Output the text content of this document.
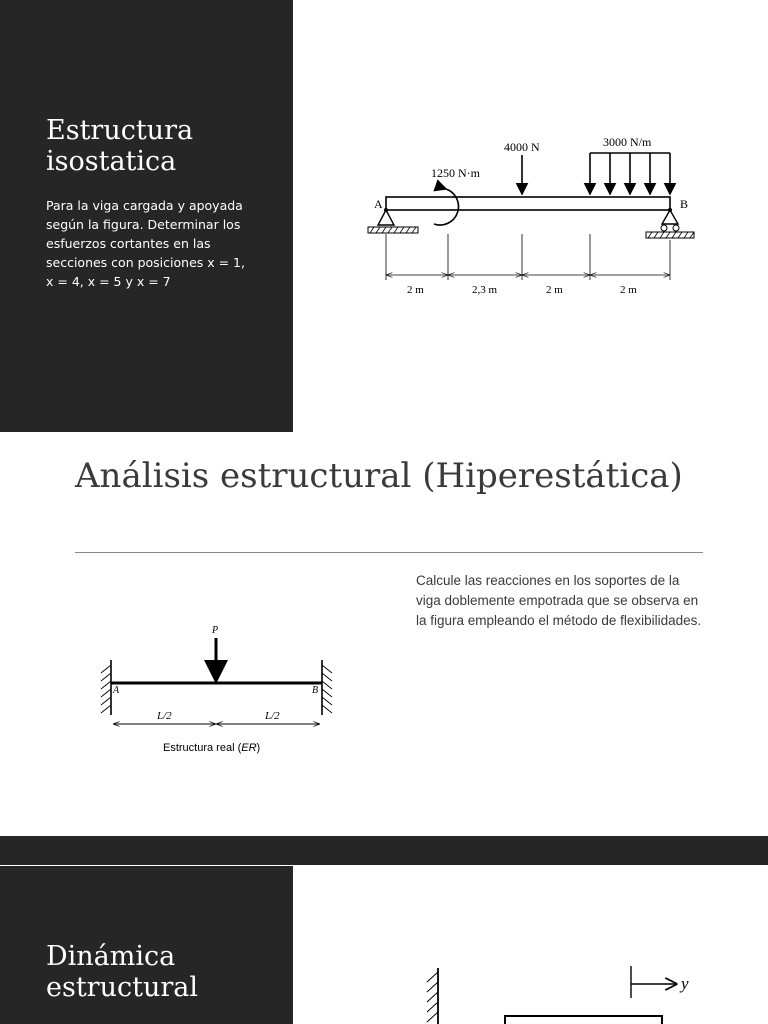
Estructura isostatica

Para la viga cargada y apoyada según la figura. Determinar los esfuerzos cortantes en las secciones con posiciones x = 1, x = 4, x = 5 y x = 7

A	B
1250 N·m
4000 N	3000 N/m
2 m	2,3 m	2 m	2 m
Análisis estructural (Hiperestática)

Calcule las reacciones en los soportes de la viga doblemente empotrada que se observa en la figura empleando el método de flexibilidades.

P
A	B
L/2	L/2
Estructura real (ER)
Dinámica estructural	y
